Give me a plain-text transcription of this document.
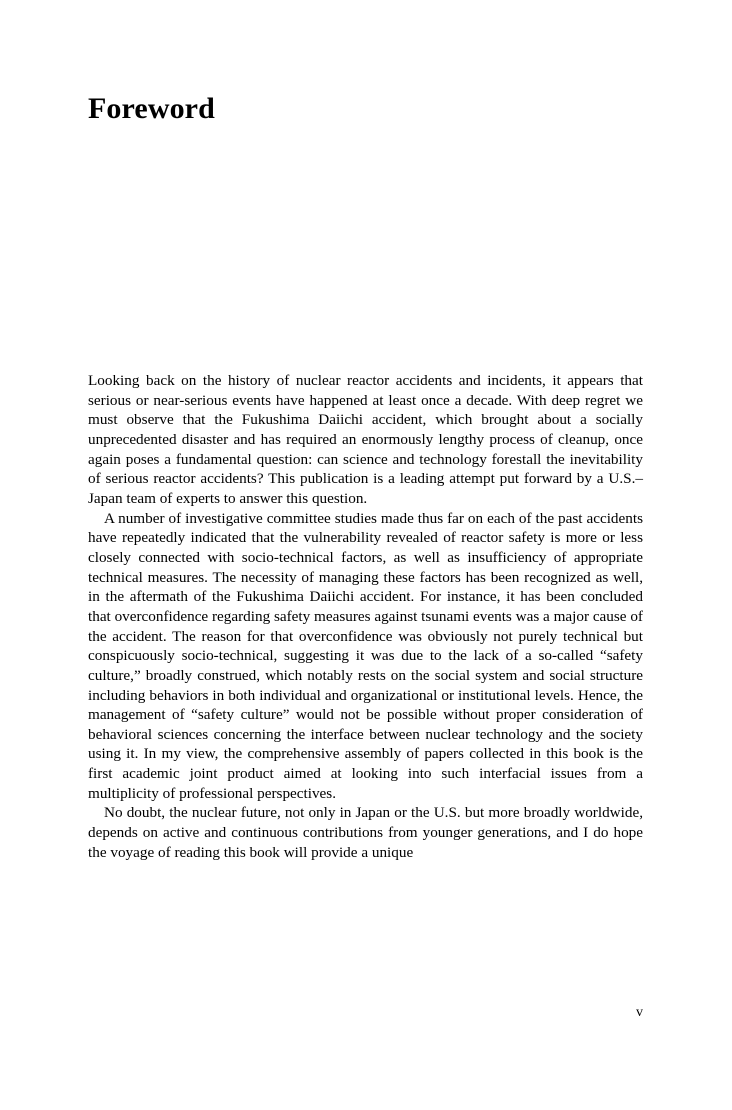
Foreword

Looking back on the history of nuclear reactor accidents and incidents, it appears that serious or near-serious events have happened at least once a decade. With deep regret we must observe that the Fukushima Daiichi accident, which brought about a socially unprecedented disaster and has required an enormously lengthy process of cleanup, once again poses a fundamental question: can science and technology forestall the inevitability of serious reactor accidents? This publication is a leading attempt put forward by a U.S.–Japan team of experts to answer this question.

A number of investigative committee studies made thus far on each of the past accidents have repeatedly indicated that the vulnerability revealed of reactor safety is more or less closely connected with socio-technical factors, as well as insufficiency of appropriate technical measures. The necessity of managing these factors has been recognized as well, in the aftermath of the Fukushima Daiichi accident. For instance, it has been concluded that overconfidence regarding safety measures against tsunami events was a major cause of the accident. The reason for that overconfidence was obviously not purely technical but conspicuously socio-technical, suggesting it was due to the lack of a so-called “safety culture,” broadly construed, which notably rests on the social system and social structure including behaviors in both individual and organizational or institutional levels. Hence, the management of “safety culture” would not be possible without proper consideration of behavioral sciences concerning the interface between nuclear technology and the society using it. In my view, the comprehensive assembly of papers collected in this book is the first academic joint product aimed at looking into such interfacial issues from a multiplicity of professional perspectives.

No doubt, the nuclear future, not only in Japan or the U.S. but more broadly worldwide, depends on active and continuous contributions from younger generations, and I do hope the voyage of reading this book will provide a unique

v
